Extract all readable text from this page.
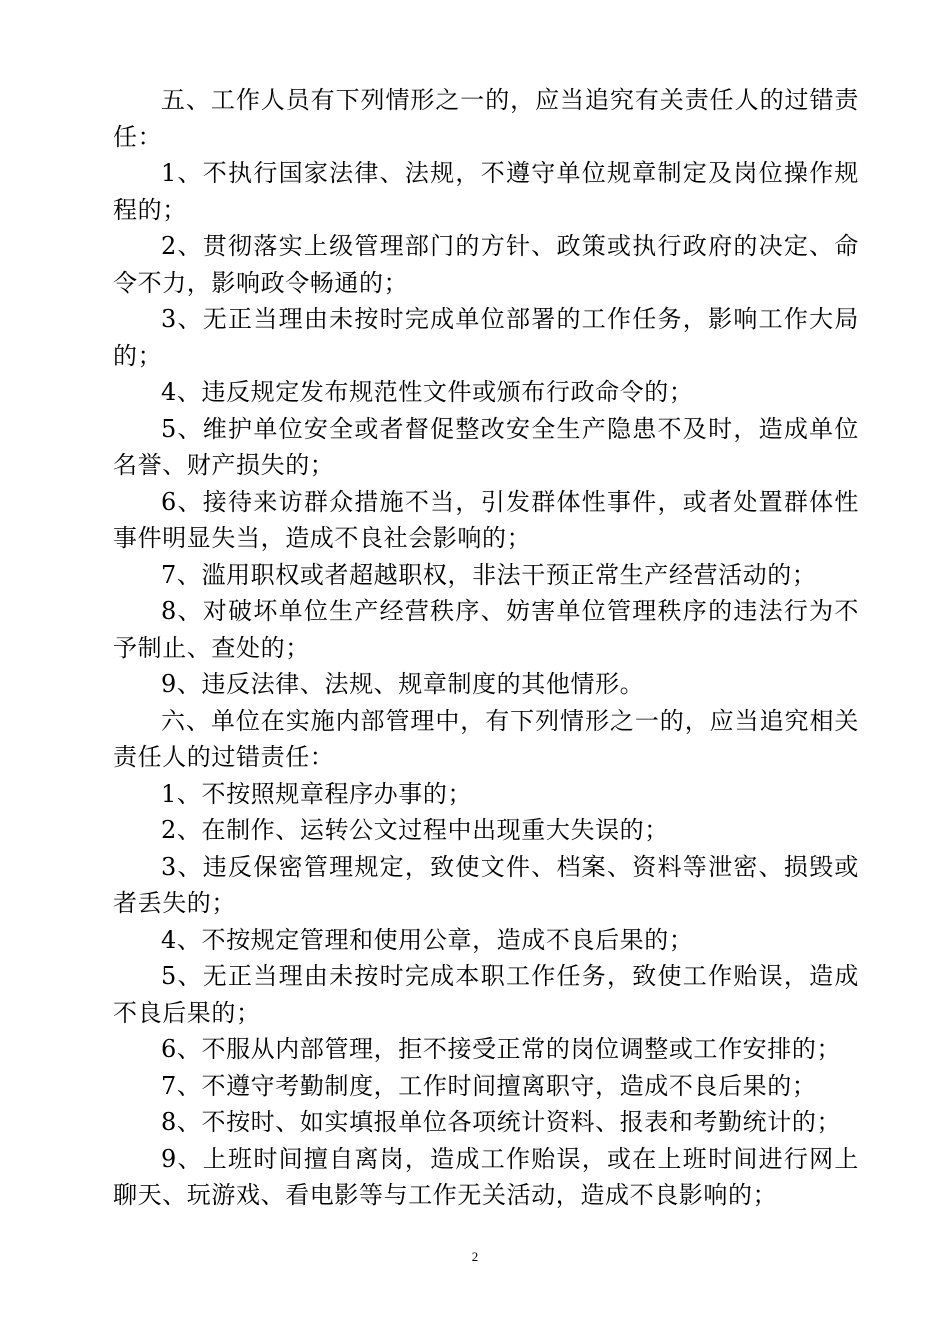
五、工作人员有下列情形之一的，应当追究有关责任人的过错责任：

1、不执行国家法律、法规，不遵守单位规章制定及岗位操作规程的；

2、贯彻落实上级管理部门的方针、政策或执行政府的决定、命令不力，影响政令畅通的；

3、无正当理由未按时完成单位部署的工作任务，影响工作大局的；

4、违反规定发布规范性文件或颁布行政命令的；

5、维护单位安全或者督促整改安全生产隐患不及时，造成单位名誉、财产损失的；

6、接待来访群众措施不当，引发群体性事件，或者处置群体性事件明显失当，造成不良社会影响的；

7、滥用职权或者超越职权，非法干预正常生产经营活动的；

8、对破坏单位生产经营秩序、妨害单位管理秩序的违法行为不予制止、查处的；

9、违反法律、法规、规章制度的其他情形。

六、单位在实施内部管理中，有下列情形之一的，应当追究相关责任人的过错责任：

1、不按照规章程序办事的；

2、在制作、运转公文过程中出现重大失误的；

3、违反保密管理规定，致使文件、档案、资料等泄密、损毁或者丢失的；

4、不按规定管理和使用公章，造成不良后果的；

5、无正当理由未按时完成本职工作任务，致使工作贻误，造成不良后果的；

6、不服从内部管理，拒不接受正常的岗位调整或工作安排的；

7、不遵守考勤制度，工作时间擅离职守，造成不良后果的；

8、不按时、如实填报单位各项统计资料、报表和考勤统计的；

9、上班时间擅自离岗，造成工作贻误，或在上班时间进行网上聊天、玩游戏、看电影等与工作无关活动，造成不良影响的；

2
